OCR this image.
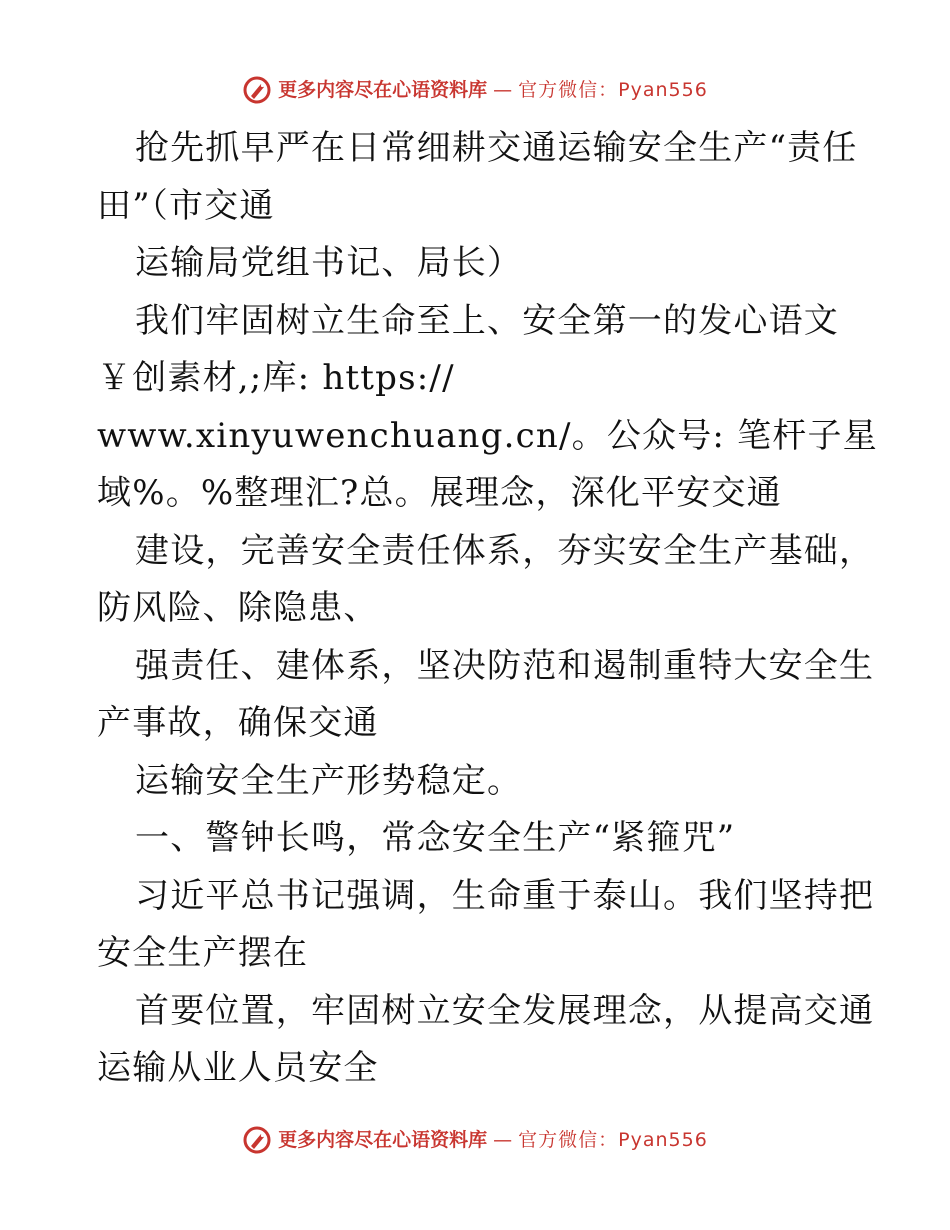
更多内容尽在心语资料库 — 官方微信：Pyan556
抢先抓早严在日常细耕交通运输安全生产“责任
田”（市交通
运输局党组书记、局长）
我们牢固树立生命至上、安全第一的发心语文
￥创素材,;库: https://
www.xinyuwenchuang.cn/。公众号: 笔杆子星
域%。%整理汇?总。展理念，深化平安交通
建设，完善安全责任体系，夯实安全生产基础，
防风险、除隐患、
强责任、建体系，坚决防范和遏制重特大安全生
产事故，确保交通
运输安全生产形势稳定。
一、警钟长鸣，常念安全生产“紧箍咒”
习近平总书记强调，生命重于泰山。我们坚持把
安全生产摆在
首要位置，牢固树立安全发展理念，从提高交通
运输从业人员安全
更多内容尽在心语资料库 — 官方微信：Pyan556
